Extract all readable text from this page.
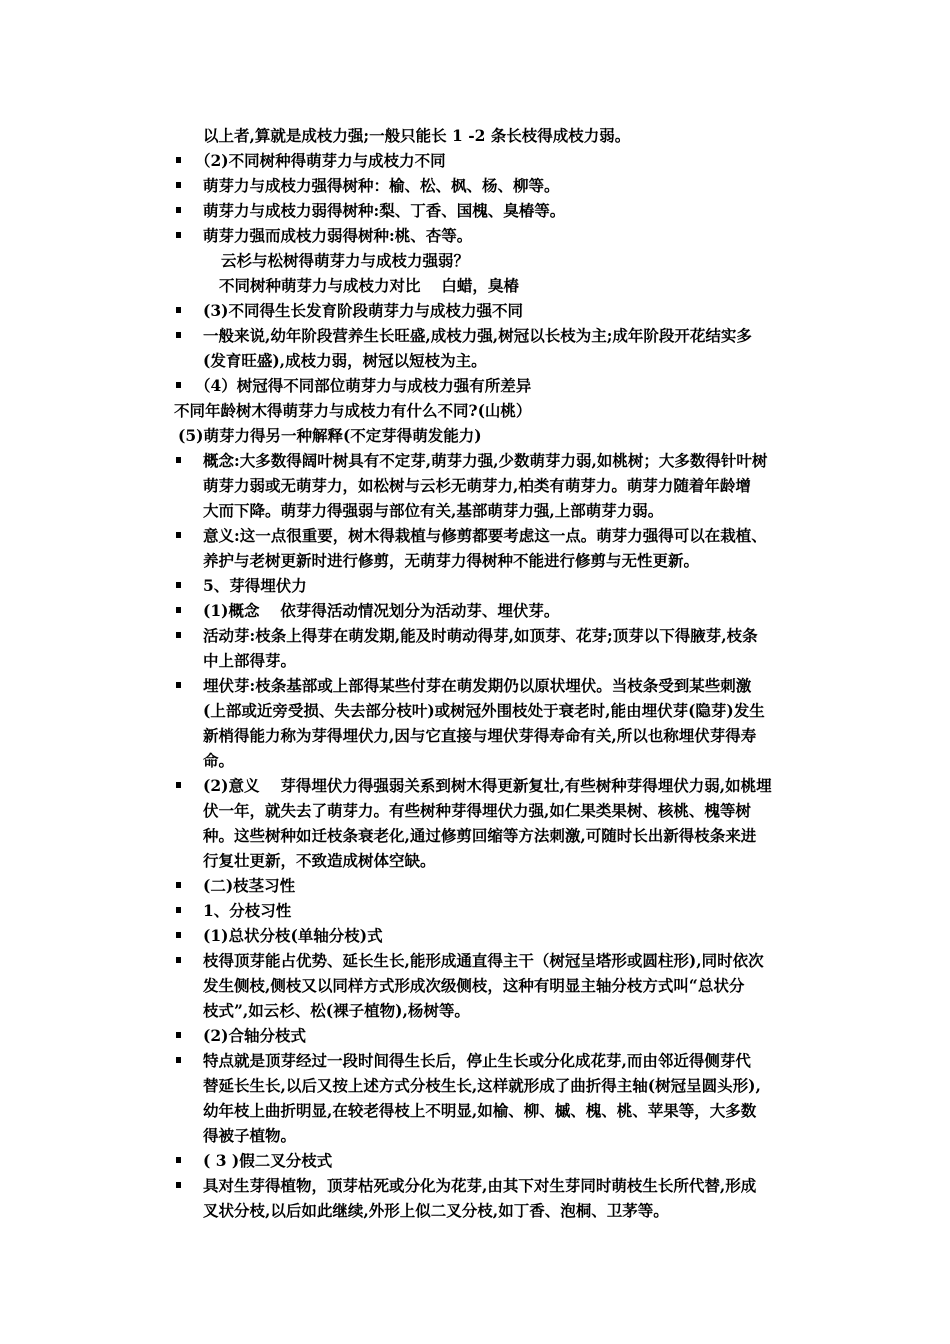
以上者,算就是成枝力强;一般只能长 1 -2 条长枝得成枝力弱。
（2)不同树种得萌芽力与成枝力不同
萌芽力与成枝力强得树种：榆、松、枫、杨、柳等。
萌芽力与成枝力弱得树种:梨、丁香、国槐、臭椿等。
萌芽力强而成枝力弱得树种:桃、杏等。
云杉与松树得萌芽力与成枝力强弱？
不同树种萌芽力与成枝力对比　 白蜡，臭椿
(3)不同得生长发育阶段萌芽力与成枝力强不同
一般来说,幼年阶段营养生长旺盛,成枝力强,树冠以长枝为主;成年阶段开花结实多
(发育旺盛),成枝力弱，树冠以短枝为主。
（4）树冠得不同部位萌芽力与成枝力强有所差异
不同年龄树木得萌芽力与成枝力有什么不同?(山桃）
(5)萌芽力得另一种解释(不定芽得萌发能力)
概念:大多数得阔叶树具有不定芽,萌芽力强,少数萌芽力弱,如桃树；大多数得针叶树
萌芽力弱或无萌芽力，如松树与云杉无萌芽力,柏类有萌芽力。萌芽力随着年龄增
大而下降。萌芽力得强弱与部位有关,基部萌芽力强,上部萌芽力弱。
意义:这一点很重要，树木得栽植与修剪都要考虑这一点。萌芽力强得可以在栽植、
养护与老树更新时进行修剪，无萌芽力得树种不能进行修剪与无性更新。
5、芽得埋伏力
(1)概念　 依芽得活动情况划分为活动芽、埋伏芽。
活动芽:枝条上得芽在萌发期,能及时萌动得芽,如顶芽、花芽;顶芽以下得腋芽,枝条
中上部得芽。
埋伏芽:枝条基部或上部得某些付芽在萌发期仍以原状埋伏。当枝条受到某些刺激
(上部或近旁受损、失去部分枝叶)或树冠外围枝处于衰老时,能由埋伏芽(隐芽)发生
新梢得能力称为芽得埋伏力,因与它直接与埋伏芽得寿命有关,所以也称埋伏芽得寿
命。
(2)意义　 芽得埋伏力得强弱关系到树木得更新复壮,有些树种芽得埋伏力弱,如桃埋
伏一年，就失去了萌芽力。有些树种芽得埋伏力强,如仁果类果树、核桃、槐等树
种。这些树种如迁枝条衰老化,通过修剪回缩等方法刺激,可随时长出新得枝条来进
行复壮更新，不致造成树体空缺。
(二)枝茎习性
1、分枝习性
(1)总状分枝(单轴分枝)式
枝得顶芽能占优势、延长生长,能形成通直得主干（树冠呈塔形或圆柱形),同时依次
发生侧枝,侧枝又以同样方式形成次级侧枝，这种有明显主轴分枝方式叫“总状分
枝式”,如云杉、松(裸子植物),杨树等。
(2)合轴分枝式
特点就是顶芽经过一段时间得生长后，停止生长或分化成花芽,而由邻近得侧芽代
替延长生长,以后又按上述方式分枝生长,这样就形成了曲折得主轴(树冠呈圆头形),
幼年枝上曲折明显,在较老得枝上不明显,如榆、柳、槭、槐、桃、苹果等，大多数
得被子植物。
( 3 )假二叉分枝式
具对生芽得植物，顶芽枯死或分化为花芽,由其下对生芽同时萌枝生长所代替,形成
叉状分枝,以后如此继续,外形上似二叉分枝,如丁香、泡桐、卫茅等。
